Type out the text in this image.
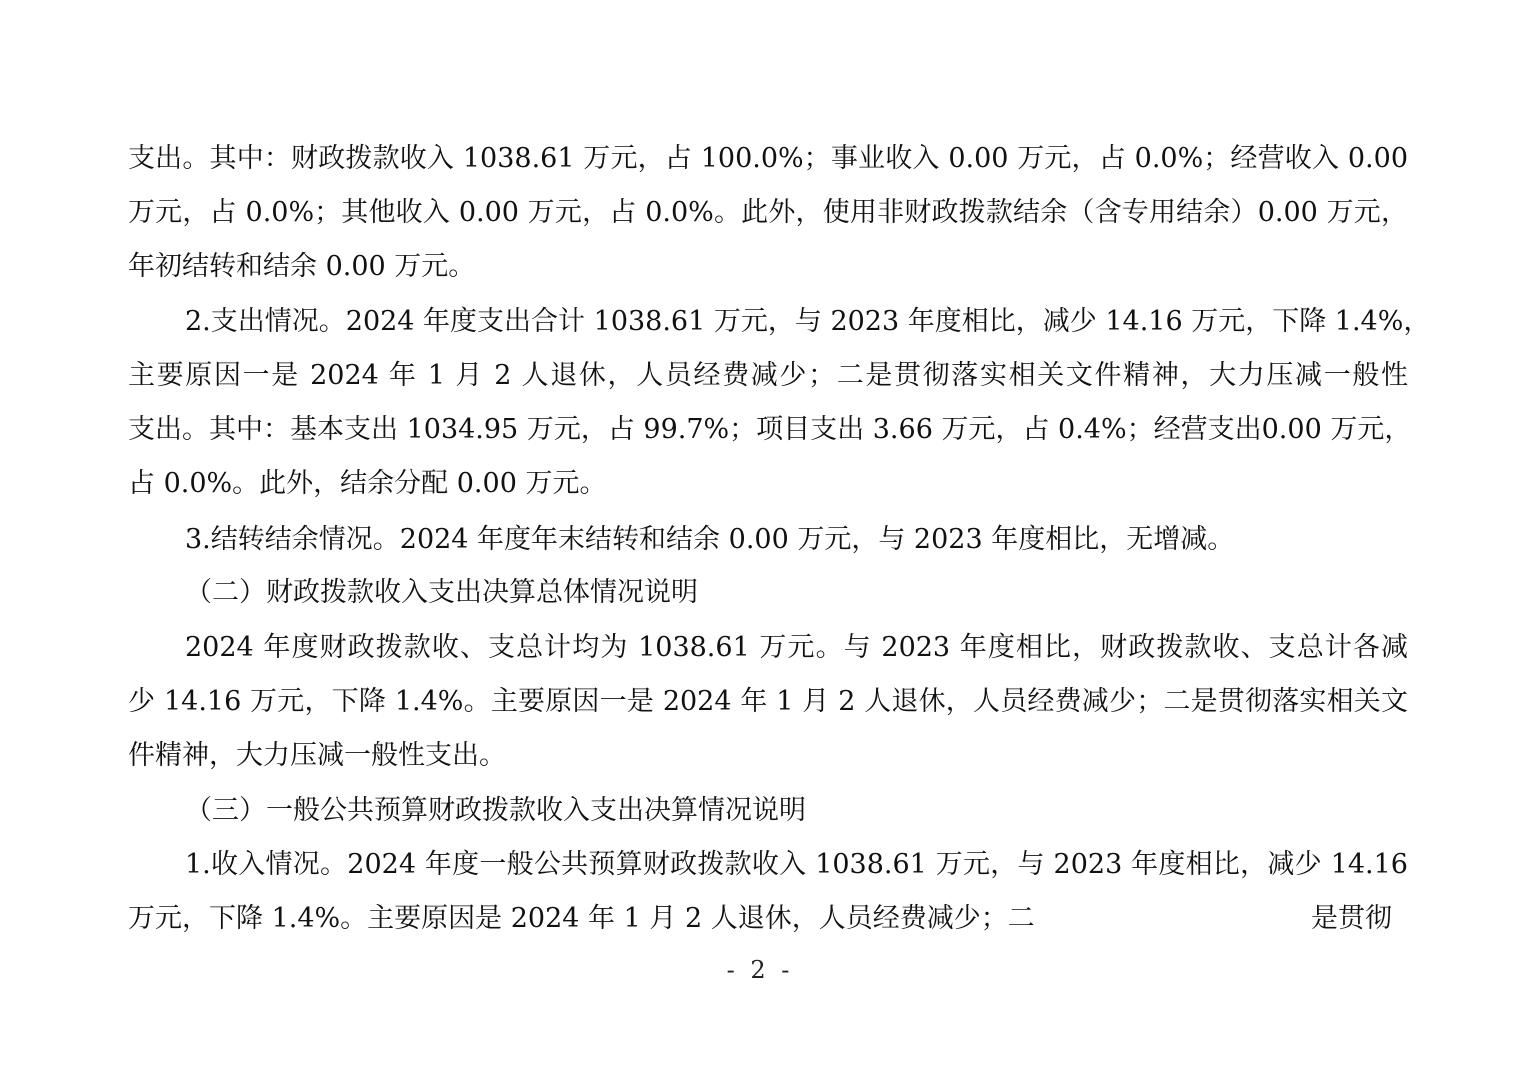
支出。其中：财政拨款收入 1038.61 万元，占 100.0%；事业收入 0.00 万元，占 0.0%；经营收入 0.00
万元，占 0.0%；其他收入 0.00 万元，占 0.0%。此外，使用非财政拨款结余（含专用结余）0.00 万元，
年初结转和结余 0.00 万元。
2.支出情况。2024 年度支出合计 1038.61 万元，与 2023 年度相比，减少 14.16 万元，下降 1.4%，
主要原因一是 2024 年 1 月 2 人退休，人员经费减少；二是贯彻落实相关文件精神，大力压减一般性
支出。其中：基本支出 1034.95 万元，占 99.7%；项目支出 3.66 万元，占 0.4%；经营支出0.00 万元，
占 0.0%。此外，结余分配 0.00 万元。
3.结转结余情况。2024 年度年末结转和结余 0.00 万元，与 2023 年度相比，无增减。
（二）财政拨款收入支出决算总体情况说明
2024 年度财政拨款收、支总计均为 1038.61 万元。与 2023 年度相比，财政拨款收、支总计各减
少 14.16 万元，下降 1.4%。主要原因一是 2024 年 1 月 2 人退休，人员经费减少；二是贯彻落实相关文
件精神，大力压减一般性支出。
（三）一般公共预算财政拨款收入支出决算情况说明
1.收入情况。2024 年度一般公共预算财政拨款收入 1038.61 万元，与 2023 年度相比，减少 14.16
万元，下降 1.4%。主要原因是 2024 年 1 月 2 人退休，人员经费减少；二	是贯彻
- 2 -
